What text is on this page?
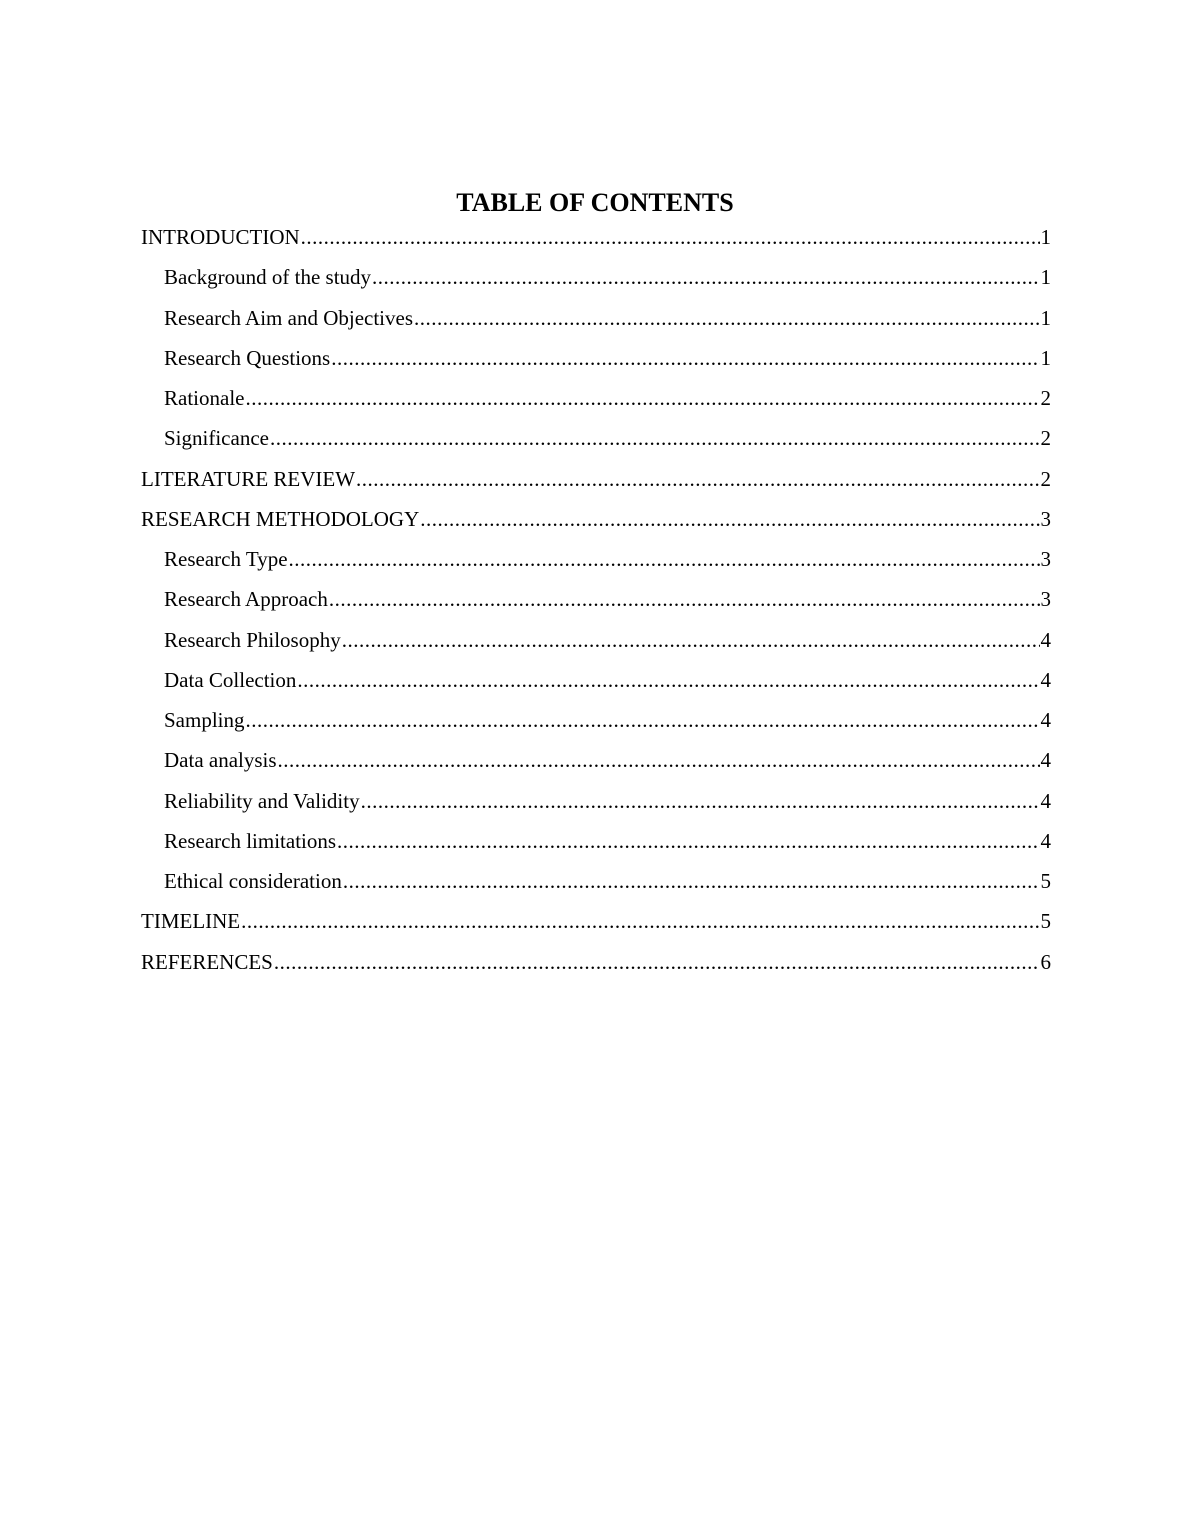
TABLE OF CONTENTS
INTRODUCTION .....	1
Background of the study .....	1
Research Aim and Objectives .....	1
Research Questions .....	1
Rationale .....	2
Significance .....	2
LITERATURE REVIEW .....	2
RESEARCH METHODOLOGY .....	3
Research Type .....	3
Research Approach .....	3
Research Philosophy .....	4
Data Collection .....	4
Sampling .....	4
Data analysis .....	4
Reliability and Validity .....	4
Research limitations .....	4
Ethical consideration .....	5
TIMELINE .....	5
REFERENCES .....	6
